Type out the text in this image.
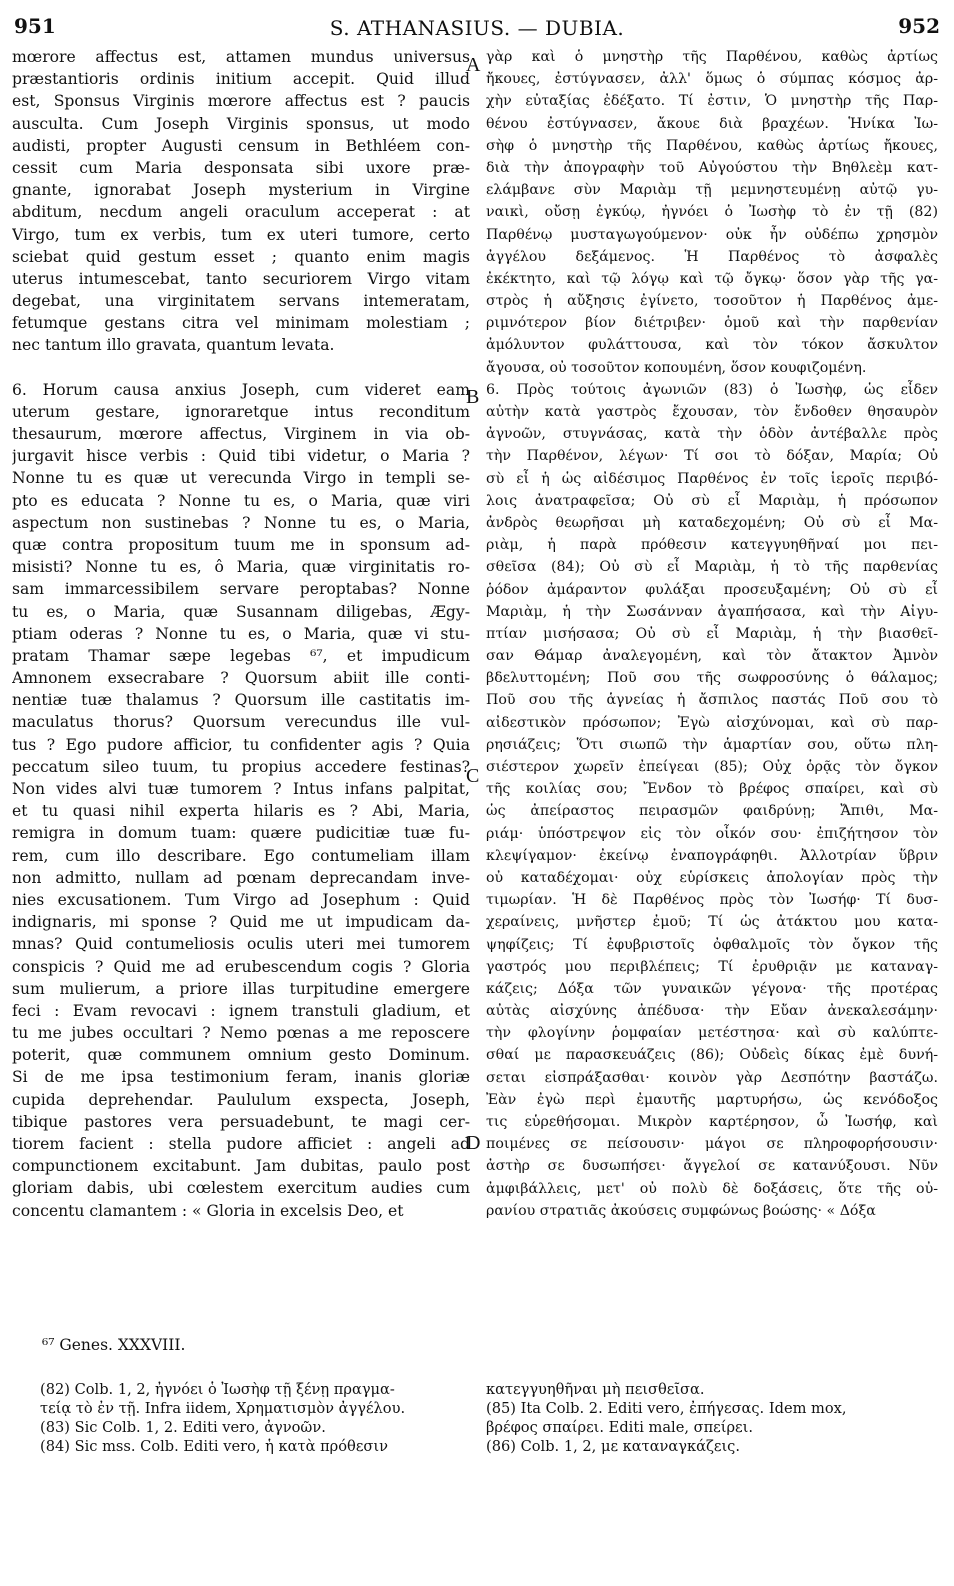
951	S. ATHANASIUS. — DUBIA.	952
mœrore affectus est, attamen mundus universus
præstantioris ordinis initium accepit. Quid illud
est, Sponsus Virginis mœrore affectus est ? paucis
ausculta. Cum Joseph Virginis sponsus, ut modo
audisti, propter Augusti censum in Bethléem con-
cessit cum Maria desponsata sibi uxore præ-
gnante, ignorabat Joseph mysterium in Virgine
abditum, necdum angeli oraculum acceperat : at
Virgo, tum ex verbis, tum ex uteri tumore, certo
sciebat quid gestum esset ; quanto enim magis
uterus intumescebat, tanto securiorem Virgo vitam
degebat, una virginitatem servans intemeratam,
fetumque gestans citra vel minimam molestiam ;
nec tantum illo gravata, quantum levata.
6. Horum causa anxius Joseph, cum videret eam
uterum gestare, ignoraretque intus reconditum
thesaurum, mœrore affectus, Virginem in via ob-
jurgavit hisce verbis : Quid tibi videtur, o Maria ?
Nonne tu es quæ ut verecunda Virgo in templi se-
pto es educata ? Nonne tu es, o Maria, quæ viri
aspectum non sustinebas ? Nonne tu es, o Maria,
quæ contra propositum tuum me in sponsum ad-
misisti? Nonne tu es, ô Maria, quæ virginitatis ro-
sam immarcessibilem servare peroptabas? Nonne
tu es, o Maria, quæ Susannam diligebas, Ægy-
ptiam oderas ? Nonne tu es, o Maria, quæ vi stu-
pratam Thamar sæpe legebas ⁶⁷, et impudicum
Amnonem exsecrabare ? Quorsum abiit ille conti-
nentiæ tuæ thalamus ? Quorsum ille castitatis im-
maculatus thorus? Quorsum verecundus ille vul-
tus ? Ego pudore afficior, tu confidenter agis ? Quia
peccatum sileo tuum, tu propius accedere festinas?
Non vides alvi tuæ tumorem ? Intus infans palpitat,
et tu quasi nihil experta hilaris es ? Abi, Maria,
remigra in domum tuam: quære pudicitiæ tuæ fu-
rem, cum illo describare. Ego contumeliam illam
non admitto, nullam ad pœnam deprecandam inve-
nies excusationem. Tum Virgo ad Josephum : Quid
indignaris, mi sponse ? Quid me ut impudicam da-
mnas? Quid contumeliosis oculis uteri mei tumorem
conspicis ? Quid me ad erubescendum cogis ? Gloria
sum mulierum, a priore illas turpitudine emergere
feci : Evam revocavi : ignem transtuli gladium, et
tu me jubes occultari ? Nemo pœnas a me reposcere
poterit, quæ communem omnium gesto Dominum.
Si de me ipsa testimonium feram, inanis gloriæ
cupida deprehendar. Paululum exspecta, Joseph,
tibique pastores vera persuadebunt, te magi cer-
tiorem facient : stella pudore afficiet : angeli ad
compunctionem excitabunt. Jam dubitas, paulo post
gloriam dabis, ubi cœlestem exercitum audies cum
concentu clamantem : « Gloria in excelsis Deo, et
γὰρ καὶ ὁ μνηστὴρ τῆς Παρθένου, καθὼς ἀρτίως
ἤκουες, ἐστύγνασεν, ἀλλ' ὅμως ὁ σύμπας κόσμος ἀρ-
χὴν εὐταξίας ἐδέξατο. Τί ἐστιν, Ὁ μνηστὴρ τῆς Παρ-
θένου ἐστύγνασεν, ἄκουε διὰ βραχέων. Ἡνίκα Ἰω-
σὴφ ὁ μνηστὴρ τῆς Παρθένου, καθὼς ἀρτίως ἤκουες,
διὰ τὴν ἀπογραφὴν τοῦ Αὐγούστου τὴν Βηθλεὲμ κατ-
ελάμβανε σὺν Μαριὰμ τῇ μεμνηστευμένῃ αὐτῷ γυ-
ναικὶ, οὔσῃ ἐγκύῳ, ἠγνόει ὁ Ἰωσὴφ τὸ ἐν τῇ (82)
Παρθένῳ μυσταγωγούμενον· οὐκ ἦν οὐδέπω χρησμὸν
ἀγγέλου δεξάμενος. Ἡ Παρθένος τὸ ἀσφαλὲς
ἐκέκτητο, καὶ τῷ λόγῳ καὶ τῷ ὄγκῳ· ὅσον γὰρ τῆς γα-
στρὸς ἡ αὔξησις ἐγίνετο, τοσοῦτον ἡ Παρθένος ἀμε-
ριμνότερον βίον διέτριβεν· ὁμοῦ καὶ τὴν παρθενίαν
ἀμόλυντον φυλάττουσα, καὶ τὸν τόκον ἄσκυλτον
ἄγουσα, οὐ τοσοῦτον κοπουμένη, ὅσον κουφιζομένη.
6. Πρὸς τούτοις ἀγωνιῶν (83) ὁ Ἰωσὴφ, ὡς εἶδεν
αὐτὴν κατὰ γαστρὸς ἔχουσαν, τὸν ἔνδοθεν θησαυρὸν
ἀγνοῶν, στυγνάσας, κατὰ τὴν ὁδὸν ἀντέβαλλε πρὸς
τὴν Παρθένον, λέγων· Τί σοι τὸ δόξαν, Μαρία; Οὐ
σὺ εἶ ἡ ὡς αἰδέσιμος Παρθένος ἐν τοῖς ἱεροῖς περιβό-
λοις ἀνατραφεῖσα; Οὐ σὺ εἶ Μαριὰμ, ἡ πρόσωπον
ἀνδρὸς θεωρῆσαι μὴ καταδεχομένη; Οὐ σὺ εἶ Μα-
ριὰμ, ἡ παρὰ πρόθεσιν κατεγγυηθῆναί μοι πει-
σθεῖσα (84); Οὐ σὺ εἶ Μαριὰμ, ἡ τὸ τῆς παρθενίας
ῥόδον ἀμάραντον φυλάξαι προσευξαμένη; Οὐ σὺ εἶ
Μαριὰμ, ἡ τὴν Σωσάνναν ἀγαπήσασα, καὶ τὴν Αἰγυ-
πτίαν μισήσασα; Οὐ σὺ εἶ Μαριὰμ, ἡ τὴν βιασθεῖ-
σαν Θάμαρ ἀναλεγομένη, καὶ τὸν ἄτακτον Ἀμνὸν
βδελυττομένη; Ποῦ σου τῆς σωφροσύνης ὁ θάλαμος;
Ποῦ σου τῆς ἁγνείας ἡ ἄσπιλος παστάς Ποῦ σου τὸ
αἰδεστικὸν πρόσωπον; Ἐγὼ αἰσχύνομαι, καὶ σὺ παρ-
ρησιάζεις; Ὅτι σιωπῶ τὴν ἁμαρτίαν σου, οὕτω πλη-
σιέστερον χωρεῖν ἐπείγεαι (85); Οὐχ ὁρᾷς τὸν ὄγκον
τῆς κοιλίας σου; Ἔνδον τὸ βρέφος σπαίρει, καὶ σὺ
ὡς ἀπείραστος πειρασμῶν φαιδρύνῃ; Ἄπιθι, Μα-
ριάμ· ὑπόστρεψον εἰς τὸν οἶκόν σου· ἐπιζήτησον τὸν
κλεψίγαμον· ἐκείνῳ ἐναπογράφηθι. Ἀλλοτρίαν ὕβριν
οὐ καταδέχομαι· οὐχ εὑρίσκεις ἀπολογίαν πρὸς τὴν
τιμωρίαν. Ἡ δὲ Παρθένος πρὸς τὸν Ἰωσήφ· Τί δυσ-
χεραίνεις, μνῆστερ ἐμοῦ; Τί ὡς ἀτάκτου μου κατα-
ψηφίζεις; Τί ἐφυβριστοῖς ὀφθαλμοῖς τὸν ὄγκον τῆς
γαστρός μου περιβλέπεις; Τί ἐρυθριᾷν με καταναγ-
κάζεις; Δόξα τῶν γυναικῶν γέγονα· τῆς προτέρας
αὐτὰς αἰσχύνης ἀπέδυσα· τὴν Εὔαν ἀνεκαλεσάμην·
τὴν φλογίνην ῥομφαίαν μετέστησα· καὶ σὺ καλύπτε-
σθαί με παρασκευάζεις (86); Οὐδεὶς δίκας ἐμὲ δυνή-
σεται εἰσπράξασθαι· κοινὸν γὰρ Δεσπότην βαστάζω.
Ἐὰν ἐγὼ περὶ ἐμαυτῆς μαρτυρήσω, ὡς κενόδοξος
τις εὑρεθήσομαι. Μικρὸν καρτέρησον, ὦ Ἰωσήφ, καὶ
ποιμένες σε πείσουσιν· μάγοι σε πληροφορήσουσιν·
ἀστὴρ σε δυσωπήσει· ἄγγελοί σε κατανύξουσι. Νῦν
ἀμφιβάλλεις, μετ' οὐ πολὺ δὲ δοξάσεις, ὅτε τῆς οὐ-
ρανίου στρατιᾶς ἀκούσεις συμφώνως βοώσης· « Δόξα
A
B
C
D
⁶⁷ Genes. XXXVIII.
(82) Colb. 1, 2, ἠγνόει ὁ Ἰωσὴφ τῇ ξένῃ πραγμα-
τείᾳ τὸ ἐν τῇ. Infra iidem, Χρηματισμὸν ἀγγέλου.
(83) Sic Colb. 1, 2. Editi vero, ἀγνοῶν.
(84) Sic mss. Colb. Editi vero, ἡ κατὰ πρόθεσιν
κατεγγυηθῆναι μὴ πεισθεῖσα.
(85) Ita Colb. 2. Editi vero, ἐπήγεσας. Idem mox,
βρέφος σπαίρει. Editi male, σπείρει.
(86) Colb. 1, 2, με καταναγκάζεις.
